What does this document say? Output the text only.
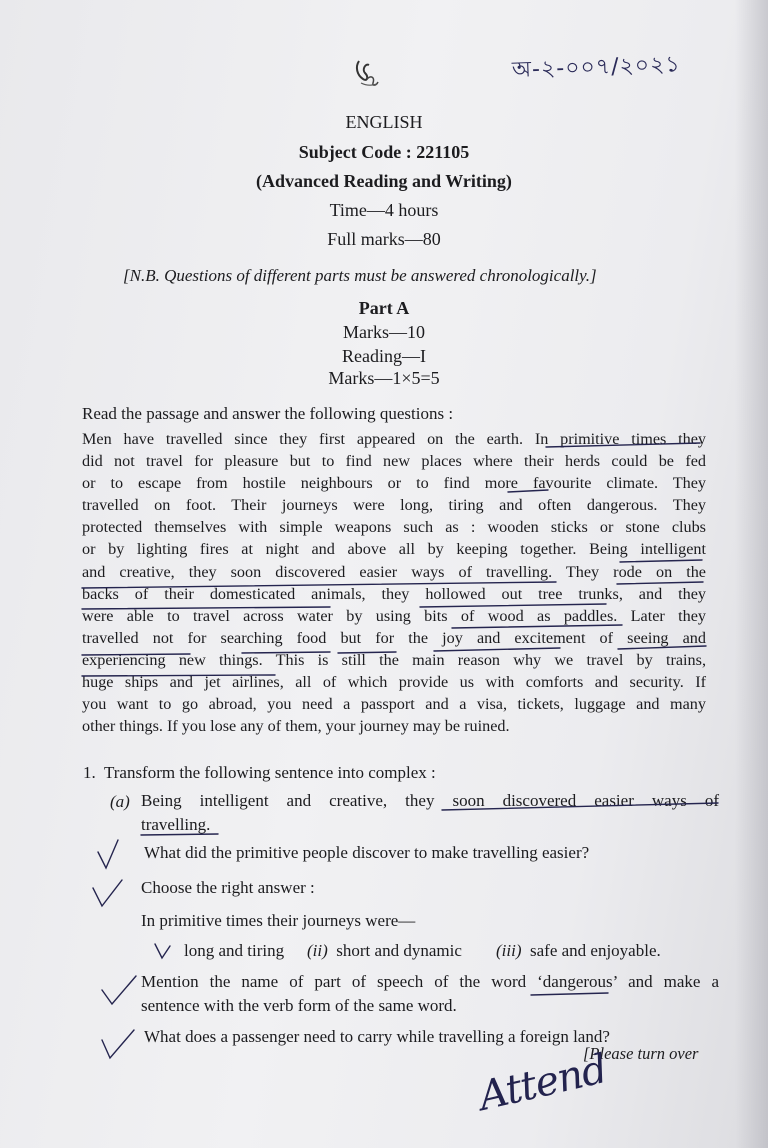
অ-২-০০৭/২০২১
ENGLISH
Subject Code : 221105
(Advanced Reading and Writing)
Time—4 hours
Full marks—80
[N.B. Questions of different parts must be answered chronologically.]
Part A
Marks—10
Reading—I
Marks—1×5=5
Read the passage and answer the following questions :
Men have travelled since they first appeared on the earth. In primitive times they
did not travel for pleasure but to find new places where their herds could be fed
or to escape from hostile neighbours or to find more favourite climate. They
travelled on foot. Their journeys were long, tiring and often dangerous. They
protected themselves with simple weapons such as : wooden sticks or stone clubs
or by lighting fires at night and above all by keeping together. Being intelligent
and creative, they soon discovered easier ways of travelling. They rode on the
backs of their domesticated animals, they hollowed out tree trunks, and they
were able to travel across water by using bits of wood as paddles. Later they
travelled not for searching food but for the joy and excitement of seeing and
experiencing new things. This is still the main reason why we travel by trains,
huge ships and jet airlines, all of which provide us with comforts and security. If
you want to go abroad, you need a passport and a visa, tickets, luggage and many
other things. If you lose any of them, your journey may be ruined.
1. Transform the following sentence into complex :
(a) Being intelligent and creative, they soon discovered easier ways of
travelling.
What did the primitive people discover to make travelling easier?
Choose the right answer :
In primitive times their journeys were—
long and tiring (ii) short and dynamic (iii) safe and enjoyable.
Mention the name of part of speech of the word ‘dangerous’ and make a
sentence with the verb form of the same word.
What does a passenger need to carry while travelling a foreign land?
[Please turn over
Attend
